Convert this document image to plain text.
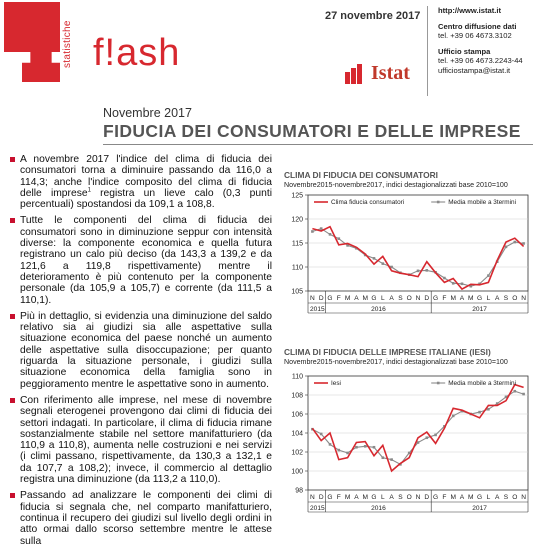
statistiche f!ash
27 novembre 2017 http://www.istat.it
Centro diffusione dati
tel. +39 06 4673.3102
Ufficio stampa
tel. +39 06 4673.2243-44
ufficiostampa@istat.it
Istat
Novembre 2017
FIDUCIA DEI CONSUMATORI E DELLE IMPRESE
A novembre 2017 l'indice del clima di fiducia dei consumatori torna a diminuire passando da 116,0 a 114,3; anche l'indice composito del clima di fiducia delle imprese$^1$ registra un lieve calo (0,3 punti percentuali) spostandosi da 109,1 a 108,8.
Tutte le componenti del clima di fiducia dei consumatori sono in diminuzione seppur con intensità diverse: la componente economica e quella futura registrano un calo più deciso (da 143,3 a 139,2 e da 121,6 a 119,8 rispettivamente) mentre il deterioramento è più contenuto per la componente personale (da 105,9 a 105,7) e corrente (da 111,5 a 110,1).
Più in dettaglio, si evidenzia una diminuzione del saldo relativo sia ai giudizi sia alle aspettative sulla situazione economica del paese nonché un aumento delle aspettative sulla disoccupazione; per quanto riguarda la situazione personale, i giudizi sulla situazione economica della famiglia sono in peggioramento mentre le aspettative sono in aumento.
Con riferimento alle imprese, nel mese di novembre segnali eterogenei provengono dai climi di fiducia dei settori indagati. In particolare, il clima di fiducia rimane sostanzialmente stabile nel settore manifatturiero (da 110,9 a 110,8), aumenta nelle costruzioni e nei servizi (i climi passano, rispettivamente, da 130,3 a 132,1 e da 107,7 a 108,2); invece, il commercio al dettaglio registra una diminuzione (da 113,2 a 110,0).
Passando ad analizzare le componenti dei climi di fiducia si segnala che, nel comparto manifatturiero, continua il recupero dei giudizi sul livello degli ordini in atto ormai dallo scorso settembre mentre le attese sulla
CLIMA DI FIDUCIA DEI CONSUMATORI
Novembre2015-novembre2017, indici destagionalizzati base 2010=100
125
120
115
110
105
N D G F M A M G L A S O N D G F M A M G L A S O N
2015	2016	2017
Clima fiducia consumatori	Media mobile a 3termini
CLIMA DI FIDUCIA DELLE IMPRESE ITALIANE (IESI)
Novembre2015-novembre2017, indici destagionalizzati base 2010=100
110
108
106
104
102
100
98
N D G F M A M G L A S O N D G F M A M G L A S O N
2015	2016	2017
Iesi	Media mobile a 3termini
